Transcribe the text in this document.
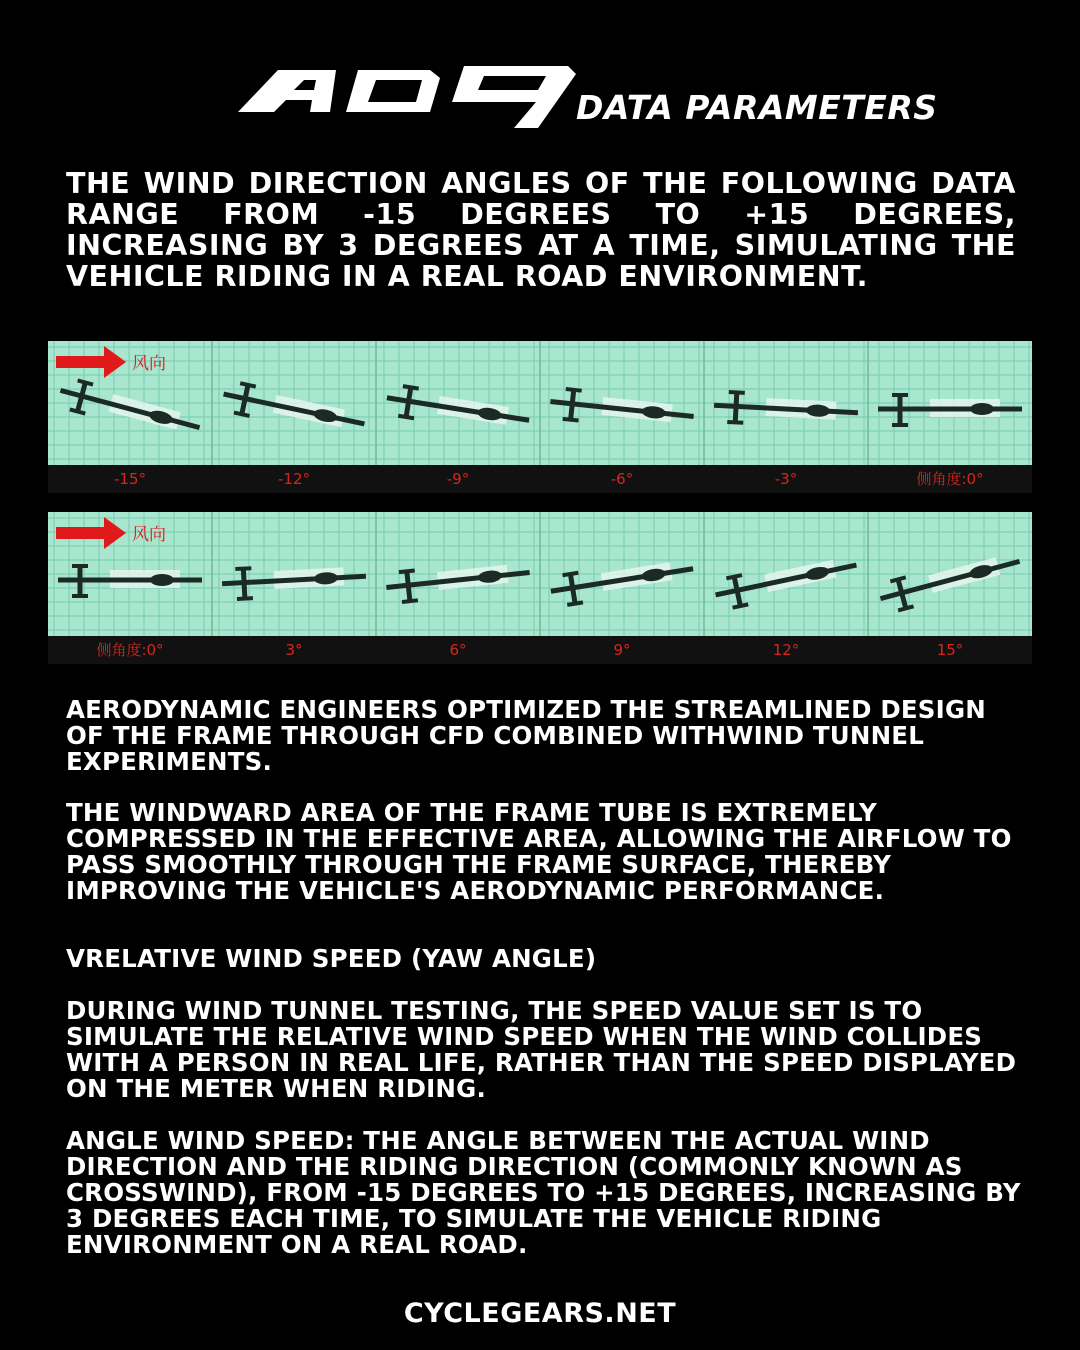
DATA PARAMETERS
THE WIND DIRECTION ANGLES OF THE FOLLOWING DATA RANGE FROM -15 DEGREES TO +15 DEGREES, INCREASING BY 3 DEGREES AT A TIME, SIMULATING THE VEHICLE RIDING IN A REAL ROAD ENVIRONMENT.
-15°	-12°	-9°	-6°	-3°	侧角度:0°
风向
侧角度:0°	3°	6°	9°	12°	15°
风向
AERODYNAMIC ENGINEERS OPTIMIZED THE STREAMLINED DESIGN OF THE FRAME THROUGH CFD COMBINED WITHWIND TUNNEL EXPERIMENTS.
THE WINDWARD AREA OF THE FRAME TUBE IS EXTREMELY COMPRESSED IN THE EFFECTIVE AREA, ALLOWING THE AIRFLOW TO PASS SMOOTHLY THROUGH THE FRAME SURFACE, THEREBY IMPROVING THE VEHICLE'S AERODYNAMIC PERFORMANCE.
VRELATIVE WIND SPEED (YAW ANGLE)
DURING WIND TUNNEL TESTING, THE SPEED VALUE SET IS TO SIMULATE THE RELATIVE WIND SPEED WHEN THE WIND COLLIDES WITH A PERSON IN REAL LIFE, RATHER THAN THE SPEED DISPLAYED ON THE METER WHEN RIDING.
ANGLE WIND SPEED: THE ANGLE BETWEEN THE ACTUAL WIND DIRECTION AND THE RIDING DIRECTION (COMMONLY KNOWN AS CROSSWIND), FROM -15 DEGREES TO +15 DEGREES, INCREASING BY 3 DEGREES EACH TIME, TO SIMULATE THE VEHICLE RIDING ENVIRONMENT ON A REAL ROAD.
CYCLEGEARS.NET
